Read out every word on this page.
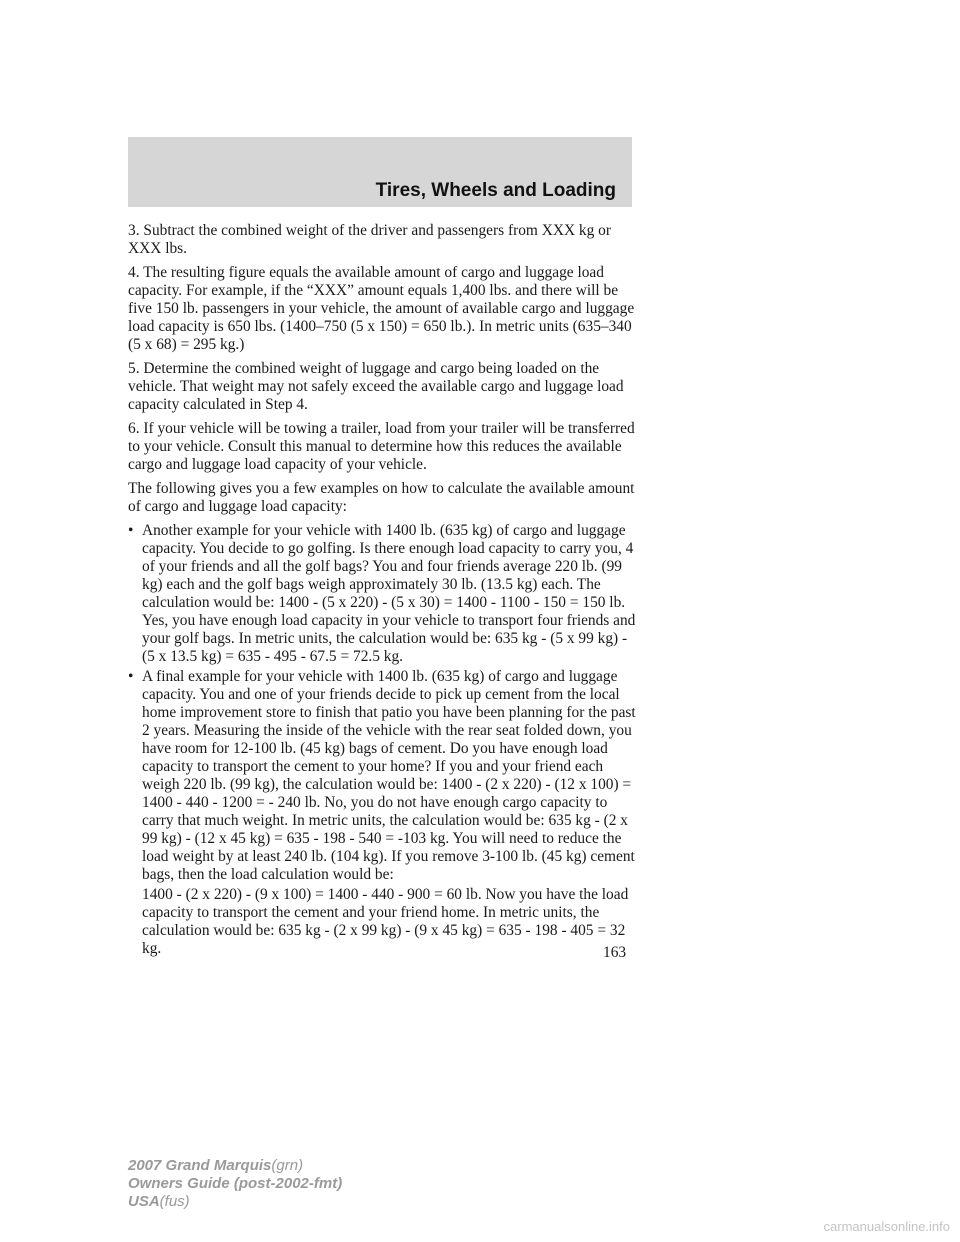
Tires, Wheels and Loading

3. Subtract the combined weight of the driver and passengers from XXX kg or XXX lbs.

4. The resulting figure equals the available amount of cargo and luggage load capacity. For example, if the “XXX” amount equals 1,400 lbs. and there will be five 150 lb. passengers in your vehicle, the amount of available cargo and luggage load capacity is 650 lbs. (1400–750 (5 x 150) = 650 lb.). In metric units (635–340 (5 x 68) = 295 kg.)

5. Determine the combined weight of luggage and cargo being loaded on the vehicle. That weight may not safely exceed the available cargo and luggage load capacity calculated in Step 4.

6. If your vehicle will be towing a trailer, load from your trailer will be transferred to your vehicle. Consult this manual to determine how this reduces the available cargo and luggage load capacity of your vehicle.

The following gives you a few examples on how to calculate the available amount of cargo and luggage load capacity:

• Another example for your vehicle with 1400 lb. (635 kg) of cargo and luggage capacity. You decide to go golfing. Is there enough load capacity to carry you, 4 of your friends and all the golf bags? You and four friends average 220 lb. (99 kg) each and the golf bags weigh approximately 30 lb. (13.5 kg) each. The calculation would be: 1400 - (5 x 220) - (5 x 30) = 1400 - 1100 - 150 = 150 lb. Yes, you have enough load capacity in your vehicle to transport four friends and your golf bags. In metric units, the calculation would be: 635 kg - (5 x 99 kg) - (5 x 13.5 kg) = 635 - 495 - 67.5 = 72.5 kg.
• A final example for your vehicle with 1400 lb. (635 kg) of cargo and luggage capacity. You and one of your friends decide to pick up cement from the local home improvement store to finish that patio you have been planning for the past 2 years. Measuring the inside of the vehicle with the rear seat folded down, you have room for 12-100 lb. (45 kg) bags of cement. Do you have enough load capacity to transport the cement to your home? If you and your friend each weigh 220 lb. (99 kg), the calculation would be: 1400 - (2 x 220) - (12 x 100) = 1400 - 440 - 1200 = - 240 lb. No, you do not have enough cargo capacity to carry that much weight. In metric units, the calculation would be: 635 kg - (2 x 99 kg) - (12 x 45 kg) = 635 - 198 - 540 = -103 kg. You will need to reduce the load weight by at least 240 lb. (104 kg). If you remove 3-100 lb. (45 kg) cement bags, then the load calculation would be:

1400 - (2 x 220) - (9 x 100) = 1400 - 440 - 900 = 60 lb. Now you have the load capacity to transport the cement and your friend home. In metric units, the calculation would be: 635 kg - (2 x 99 kg) - (9 x 45 kg) = 635 - 198 - 405 = 32 kg.	163

2007 Grand Marquis(grn)
Owners Guide (post-2002-fmt)
USA(fus)

carmanualsonline.info
